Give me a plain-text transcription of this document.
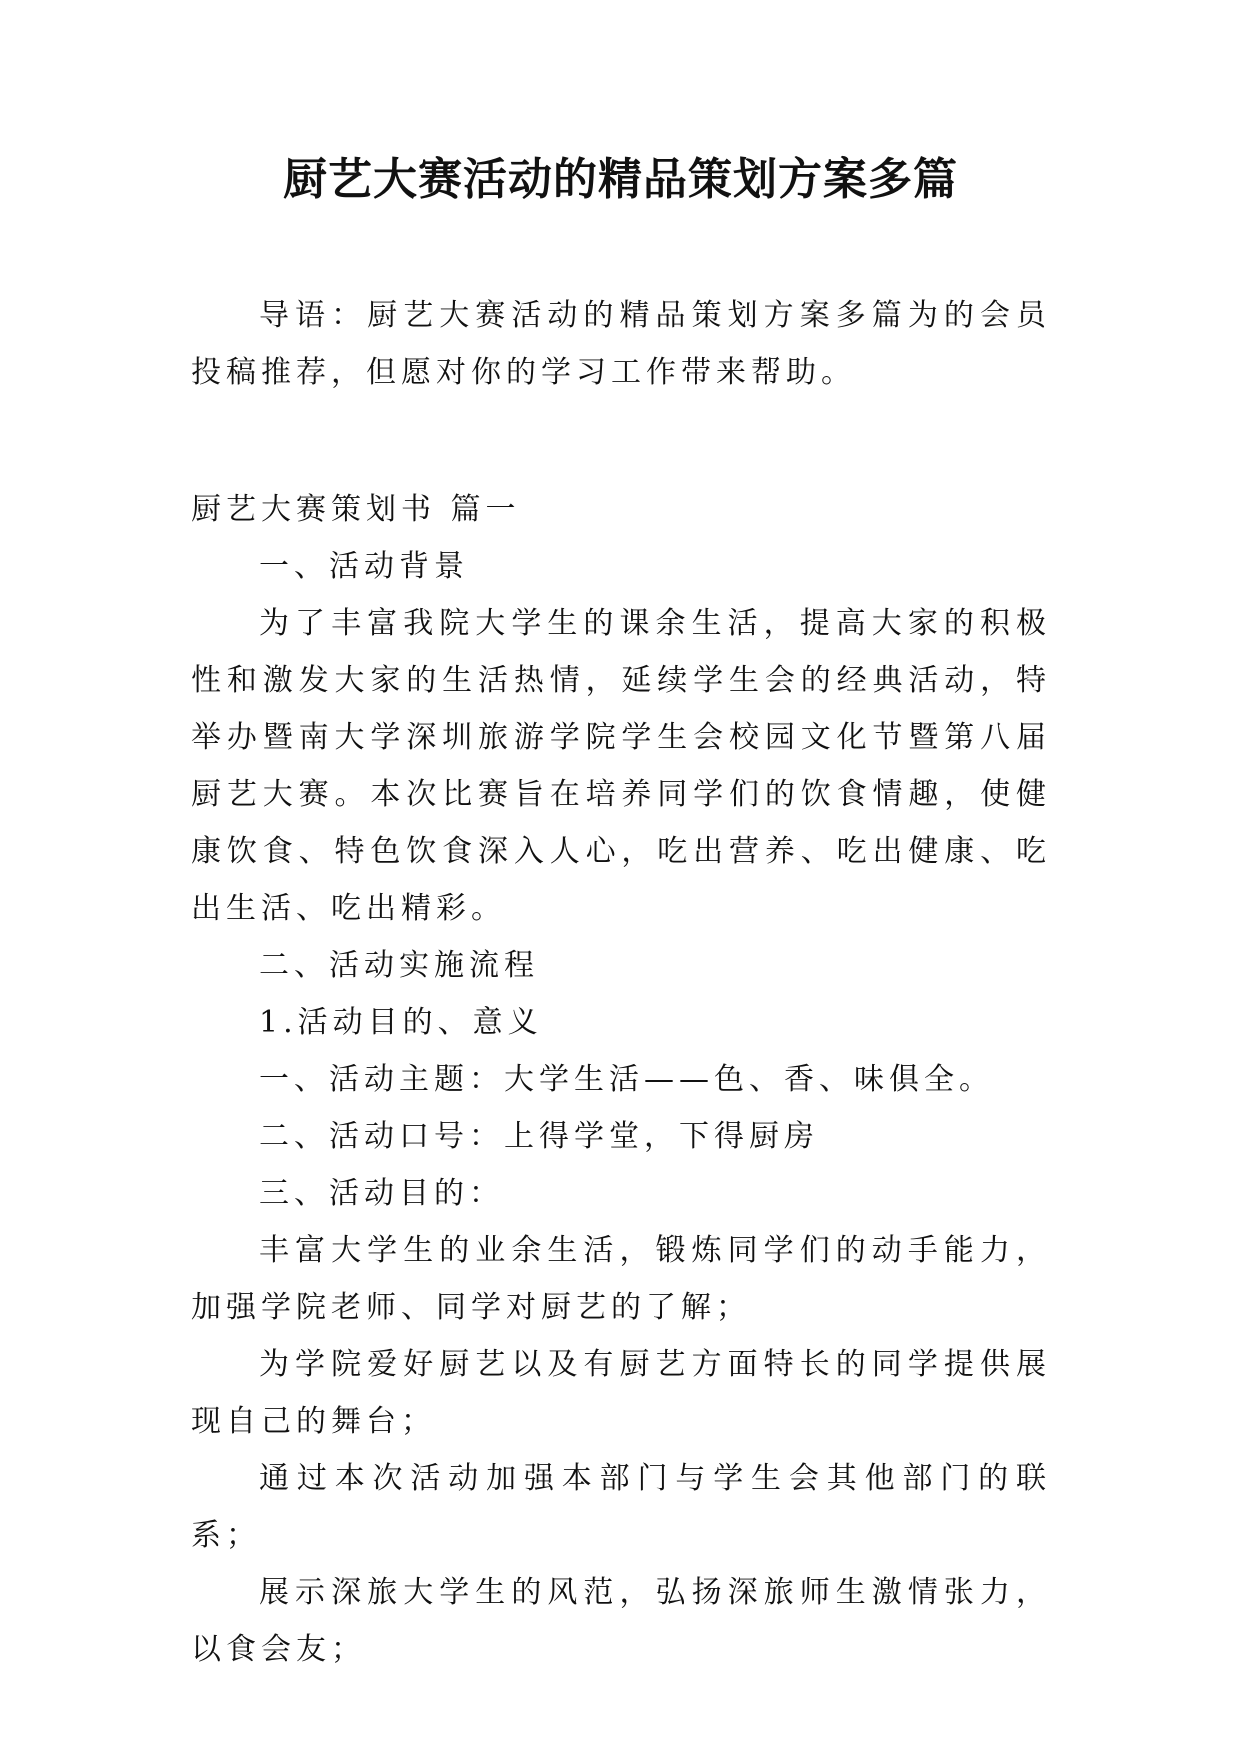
厨艺大赛活动的精品策划方案多篇

导语：厨艺大赛活动的精品策划方案多篇为的会员投稿推荐，但愿对你的学习工作带来帮助。

厨艺大赛策划书 篇一

一、活动背景

为了丰富我院大学生的课余生活，提高大家的积极性和激发大家的生活热情，延续学生会的经典活动，特举办暨南大学深圳旅游学院学生会校园文化节暨第八届厨艺大赛。本次比赛旨在培养同学们的饮食情趣，使健康饮食、特色饮食深入人心，吃出营养、吃出健康、吃出生活、吃出精彩。

二、活动实施流程

1.活动目的、意义

一、活动主题：大学生活——色、香、味俱全。

二、活动口号：上得学堂，下得厨房

三、活动目的：

丰富大学生的业余生活，锻炼同学们的动手能力，加强学院老师、同学对厨艺的了解；

为学院爱好厨艺以及有厨艺方面特长的同学提供展现自己的舞台；

通过本次活动加强本部门与学生会其他部门的联系；

展示深旅大学生的风范，弘扬深旅师生激情张力，以食会友；
